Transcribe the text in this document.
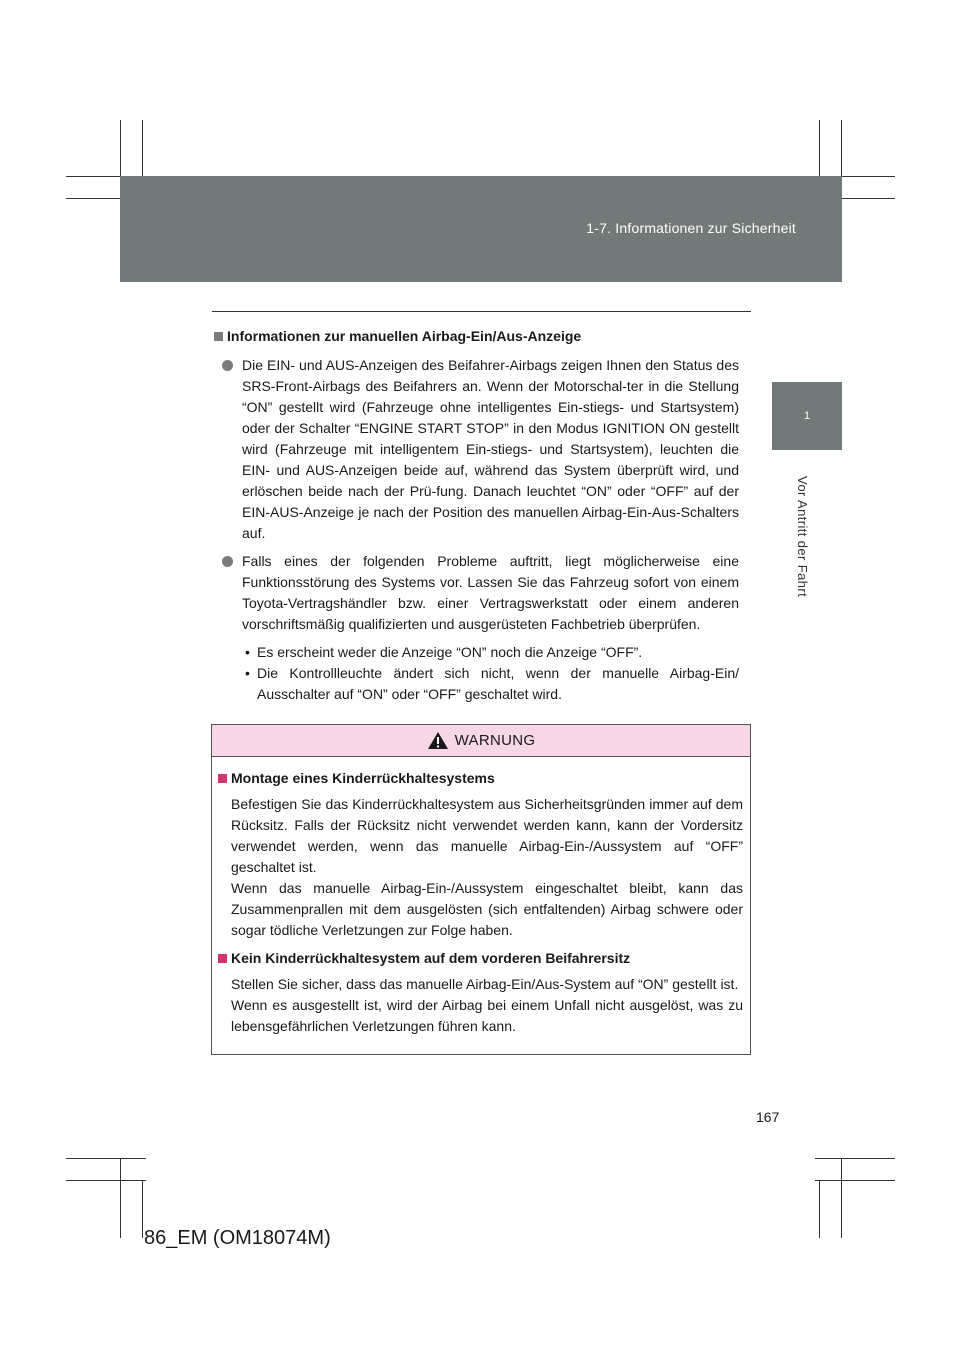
1-7. Informationen zur Sicherheit
1
Vor Antritt der Fahrt
Informationen zur manuellen Airbag-Ein/Aus-Anzeige
Die EIN- und AUS-Anzeigen des Beifahrer-Airbags zeigen Ihnen den Status des SRS-Front-Airbags des Beifahrers an. Wenn der Motorschal-ter in die Stellung “ON” gestellt wird (Fahrzeuge ohne intelligentes Ein-stiegs- und Startsystem) oder der Schalter “ENGINE START STOP” in den Modus IGNITION ON gestellt wird (Fahrzeuge mit intelligentem Ein-stiegs- und Startsystem), leuchten die EIN- und AUS-Anzeigen beide auf, während das System überprüft wird, und erlöschen beide nach der Prü-fung. Danach leuchtet “ON” oder “OFF” auf der EIN-AUS-Anzeige je nach der Position des manuellen Airbag-Ein-Aus-Schalters auf.
Falls eines der folgenden Probleme auftritt, liegt möglicherweise eine Funktionsstörung des Systems vor. Lassen Sie das Fahrzeug sofort von einem Toyota-Vertragshändler bzw. einer Vertragswerkstatt oder einem anderen vorschriftsmäßig qualifizierten und ausgerüsteten Fachbetrieb überprüfen.
• Es erscheint weder die Anzeige “ON” noch die Anzeige “OFF”.
• Die Kontrollleuchte ändert sich nicht, wenn der manuelle Airbag-Ein/ Ausschalter auf “ON” oder “OFF” geschaltet wird.
WARNUNG
Montage eines Kinderrückhaltesystems
Befestigen Sie das Kinderrückhaltesystem aus Sicherheitsgründen immer auf dem Rücksitz. Falls der Rücksitz nicht verwendet werden kann, kann der Vordersitz verwendet werden, wenn das manuelle Airbag-Ein-/Aussystem auf “OFF” geschaltet ist.
Wenn das manuelle Airbag-Ein-/Aussystem eingeschaltet bleibt, kann das Zusammenprallen mit dem ausgelösten (sich entfaltenden) Airbag schwere oder sogar tödliche Verletzungen zur Folge haben.
Kein Kinderrückhaltesystem auf dem vorderen Beifahrersitz
Stellen Sie sicher, dass das manuelle Airbag-Ein/Aus-System auf “ON” gestellt ist.
Wenn es ausgestellt ist, wird der Airbag bei einem Unfall nicht ausgelöst, was zu lebensgefährlichen Verletzungen führen kann.
167
86_EM (OM18074M)
